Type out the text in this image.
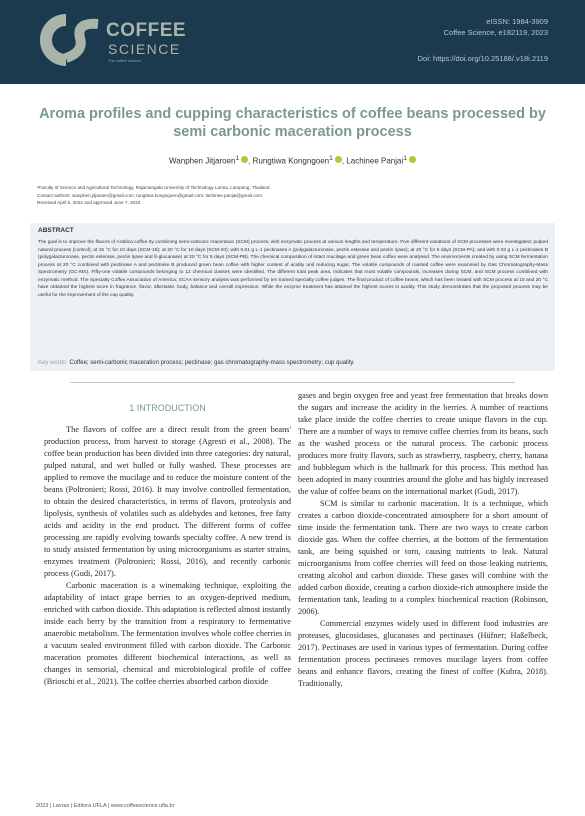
COFFEE
SCIENCE
The coffee science
eISSN: 1984-3909
Coffee Science, e182119, 2023
Doi: https://doi.org/10.25186/.v18i.2119
Aroma profiles and cupping characteristics of coffee beans processed by semi carbonic maceration process
Wanphen Jitjaroen$^1$ , Rungtiwa Kongngoen$^1$ , Lachinee Panjai$^1$
¹Faculty of Science and Agricultural Technology, Rajamangala University of Technology Lanna, Lampang, Thailand
Contact authors: wanphen.jitjaroen@gmail.com; rungtiwa.kongngoen@gmail.com; lachinee.panjai@gmail.com
Received April 5, 2022 and approved June 7, 2023
ABSTRACT
The goal is to improve the flavors of Arabica coffee by combining semi-carbonic maceration (SCM) process, with enzymatic process at various lengths and temperature. Five different variations of SCM processes were investigated: pulped natural process (control); at 15 °C for 10 days (SCM-15); at 20 °C for 10 days (SCM-20); with 0.01 g L-1 pectinases A (polygalacturonase, pectin esterase and pectin lyase); at 20 °C for 5 days (SCM-PA); and with 0.03 g L-1 pectinases B (polygalacturonase, pectin esterase, pectin lyase and ß-glucanase) at 20 °C for 5 days (SCM-PB). The chemical composition of intact mucilage and green bean coffee were analysed. The environments created by using SCM fermentation process at 20 °C combined with pectinase A and pectinase B produced green bean coffee with higher content of acidity and reducing sugar. The volatile compounds of roasted coffee were examined by Gas Chromatography-Mass Spectrometry (GC-MS). Fifty-one volatile compounds belonging to 12 chemical classes were identified. The different total peak area, indicates that most volatile compounds, increases during SCM, and SCM process combined with enzymatic method. The Specialty Coffee Association of America; SCAA sensory analysis was performed by ten trained specialty coffee judges. The final product of coffee beans, which has been treated with SCM process at 15 and 20 °C have obtained the highest score in fragrance, flavor, aftertaste, body, balance and overall impression. While the enzyme treatment has attained the highest scores in acidity. This study demonstrates that the proposed process may be useful for the improvement of the cup quality.
Key words: Coffee; semi-carbonic maceration process; pectinase; gas chromatography-mass spectrometry; cup quality.
1 INTRODUCTION

The flavors of coffee are a direct result from the green beans' production process, from harvest to storage (Agresti et al., 2008). The coffee bean production has been divided into three categories: dry natural, pulped natural, and wet hulled or fully washed. These processes are applied to remove the mucilage and to reduce the moisture content of the beans (Poltronieri; Rossi, 2016). It may involve controlled fermentation, to obtain the desired characteristics, in terms of flavors, proteolysis and lipolysis, synthesis of volatiles such as aldehydes and ketones, free fatty acids and acidity in the end product. The different forms of coffee processing are rapidly evolving towards specialty coffee. A new trend is to study assisted fermentation by using microorganisms as starter strains, enzymes treatment (Poltronieri; Rossi, 2016), and recently carbonic process (Gudi, 2017).

Carbonic maceration is a winemaking technique, exploiting the adaptability of intact grape berries to an oxygen-deprived medium, enriched with carbon dioxide. This adaptation is reflected almost instantly inside each berry by the transition from a respiratory to fermentative anaerobic metabolism. The fermentation involves whole coffee cherries in a vacuum sealed environment filled with carbon dioxide. The Carbonic maceration promotes different biochemical interactions, as well as changes in sensorial, chemical and microbiological profile of coffee (Brioschi et al., 2021). The coffee cherries absorbed carbon dioxide

gases and begin oxygen free and yeast free fermentation that breaks down the sugars and increase the acidity in the berries. A number of reactions take place inside the coffee cherries to create unique flavors in the cup. There are a number of ways to remove coffee cherries from its beans, such as the washed process or the natural process. The carbonic process produces more fruity flavors, such as strawberry, raspberry, cherry, banana and bubblegum which is the hallmark for this process. This method has been adopted in many countries around the globe and has highly increased the value of coffee beans on the international market (Gudi, 2017).

SCM is similar to carbonic maceration. It is a technique, which creates a carbon dioxide-concentrated atmosphere for a short amount of time inside the fermentation tank. There are two ways to create carbon dioxide gas. When the coffee cherries, at the bottom of the fermentation tank, are being squished or torn, causing nutrients to leak. Natural microorganisms from coffee cherries will feed on those leaking nutrients, creating alcohol and carbon dioxide. These gases will combine with the added carbon dioxide, creating a carbon dioxide-rich atmosphere inside the fermentation tank, leading to a complex biochemical reaction (Robinson, 2006).

Commercial enzymes widely used in different food industries are proteases, glucosidases, glucanases and pectinases (Hüfner; Haßelbeck, 2017). Pectinases are used in various types of fermentation. During coffee fermentation process pectinases removes mucilage layers from coffee beans and enhance flavors, creating the finest of coffee (Kubra, 2018). Traditionally,

2023 | Lavras | Editora UFLA | www.coffeescience.ufla.br
